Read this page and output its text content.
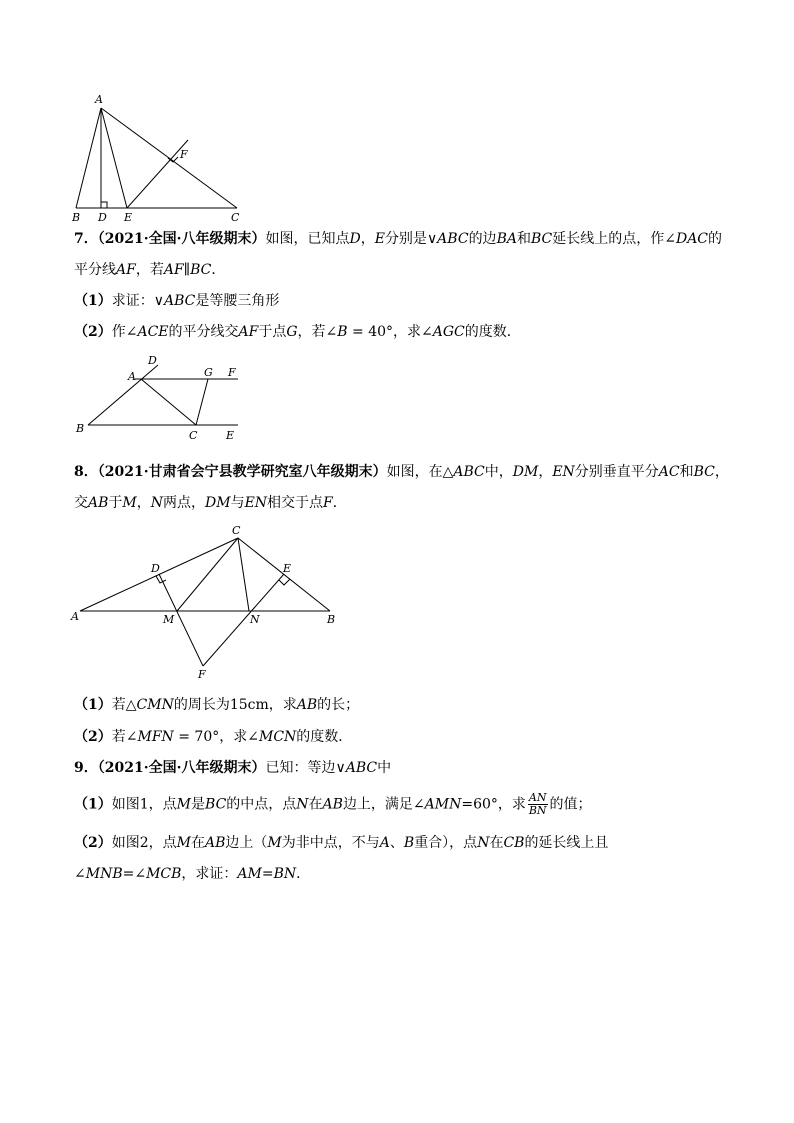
A
F
B D E	C
7．（2021·全国·八年级期末）如图，已知点D，E分别是∨ABC的边BA和BC延长线上的点，作∠DAC的
平分线AF，若AF∥BC．
（1）求证：∨ABC是等腰三角形
（2）作∠ACE的平分线交AF于点G，若∠B = 40°，求∠AGC的度数．
D
A	G F
B
C	E
8．（2021·甘肃省会宁县教学研究室八年级期末）如图，在△ABC中，DM，EN分别垂直平分AC和BC，
交AB于M，N两点，DM与EN相交于点F．
C
D	E
A	M	N	B
F
（1）若△CMN的周长为15cm，求AB的长；
（2）若∠MFN = 70°，求∠MCN的度数．
9．（2021·全国·八年级期末）已知：等边∨ABC中
（1）如图1，点M是BC的中点，点N在AB边上，满足∠AMN=60°，求 $\frac{AN}{BN}$ 的值；
（2）如图2，点M在AB边上（M为非中点，不与A、B重合），点N在CB的延长线上且
∠MNB=∠MCB，求证：AM=BN．
